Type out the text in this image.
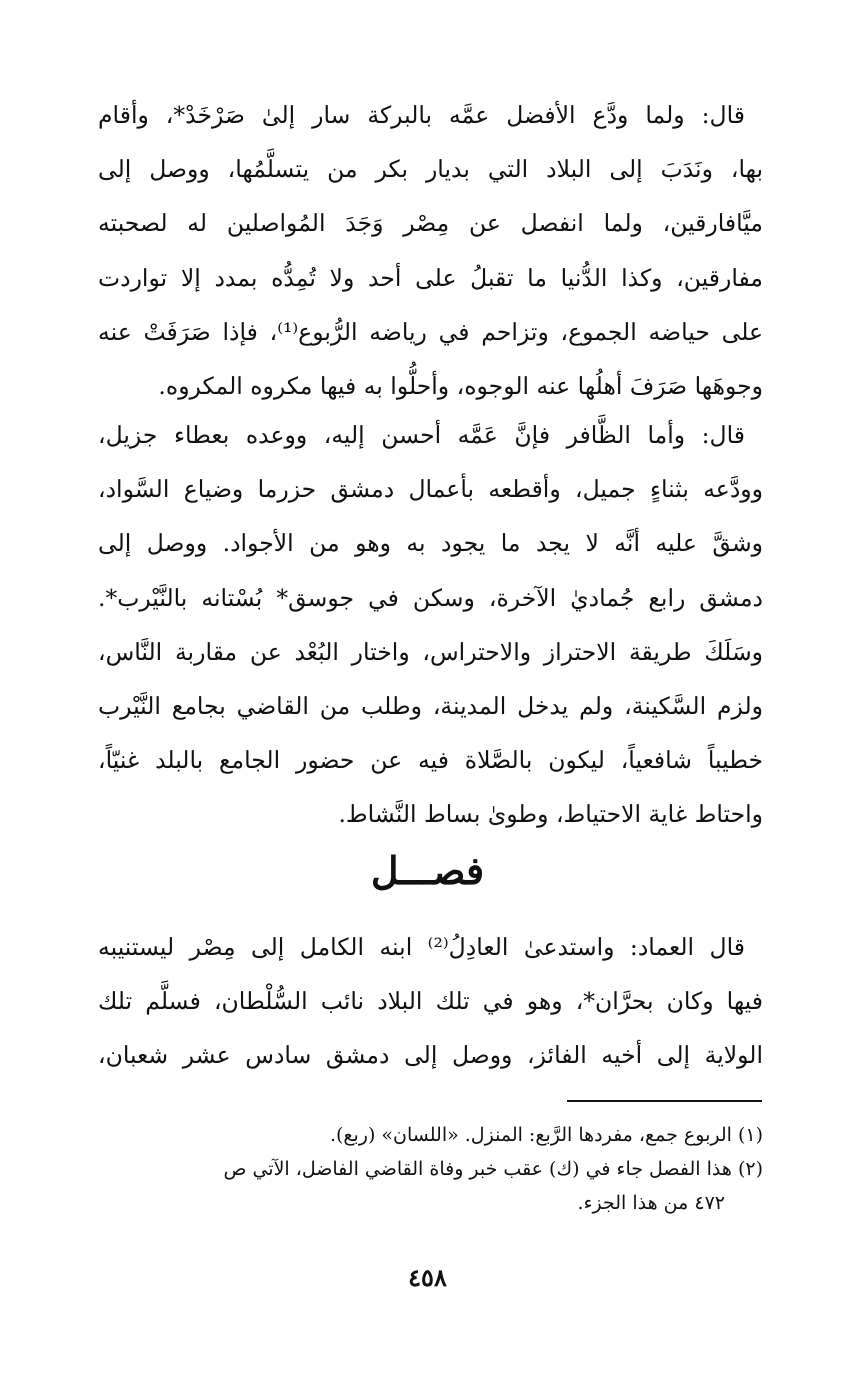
قال: ولما ودَّع الأفضل عمَّه بالبركة سار إلىٰ صَرْخَدْ*، وأقام
بها، ونَدَبَ إلى البلاد التي بديار بكر من يتسلَّمُها، ووصل إلى
ميَّافارقين، ولما انفصل عن مِصْر وَجَدَ المُواصلين له لصحبته
مفارقين، وكذا الدُّنيا ما تقبلُ على أحد ولا تُمِدُّه بمدد إلا تواردت
على حياضه الجموع، وتزاحم في رياضه الرُّبوع⁽¹⁾، فإذا صَرَفَتْ عنه
وجوهَها صَرَفَ أهلُها عنه الوجوه، وأحلُّوا به فيها مكروه المكروه.
قال: وأما الظَّافر فإنَّ عَمَّه أحسن إليه، ووعده بعطاء جزيل،
وودَّعه بثناءٍ جميل، وأقطعه بأعمال دمشق حزرما وضياع السَّواد،
وشقَّ عليه أنَّه لا يجد ما يجود به وهو من الأجواد. ووصل إلى
دمشق رابع جُماديٰ الآخرة، وسكن في جوسق* بُسْتانه بالنَّيْرب*.
وسَلَكَ طريقة الاحتراز والاحتراس، واختار البُعْد عن مقاربة النَّاس،
ولزم السَّكينة، ولم يدخل المدينة، وطلب من القاضي بجامع النَّيْرب
خطيباً شافعياً، ليكون بالصَّلاة فيه عن حضور الجامع بالبلد غنيّاً،
واحتاط غاية الاحتياط، وطوىٰ بساط النَّشاط.
فصـــل
قال العماد: واستدعىٰ العادِلُ⁽²⁾ ابنه الكامل إلى مِصْر ليستنيبه
فيها وكان بحرَّان*، وهو في تلك البلاد نائب السُّلْطان، فسلَّم تلك
الولاية إلى أخيه الفائز، ووصل إلى دمشق سادس عشر شعبان،
(١) الربوع جمع، مفردها الرَّبع: المنزل. «اللسان» (ربع).
(٢) هذا الفصل جاء في (ك) عقب خبر وفاة القاضي الفاضل، الآتي ص
٤٧٢ من هذا الجزء.
٤٥٨
